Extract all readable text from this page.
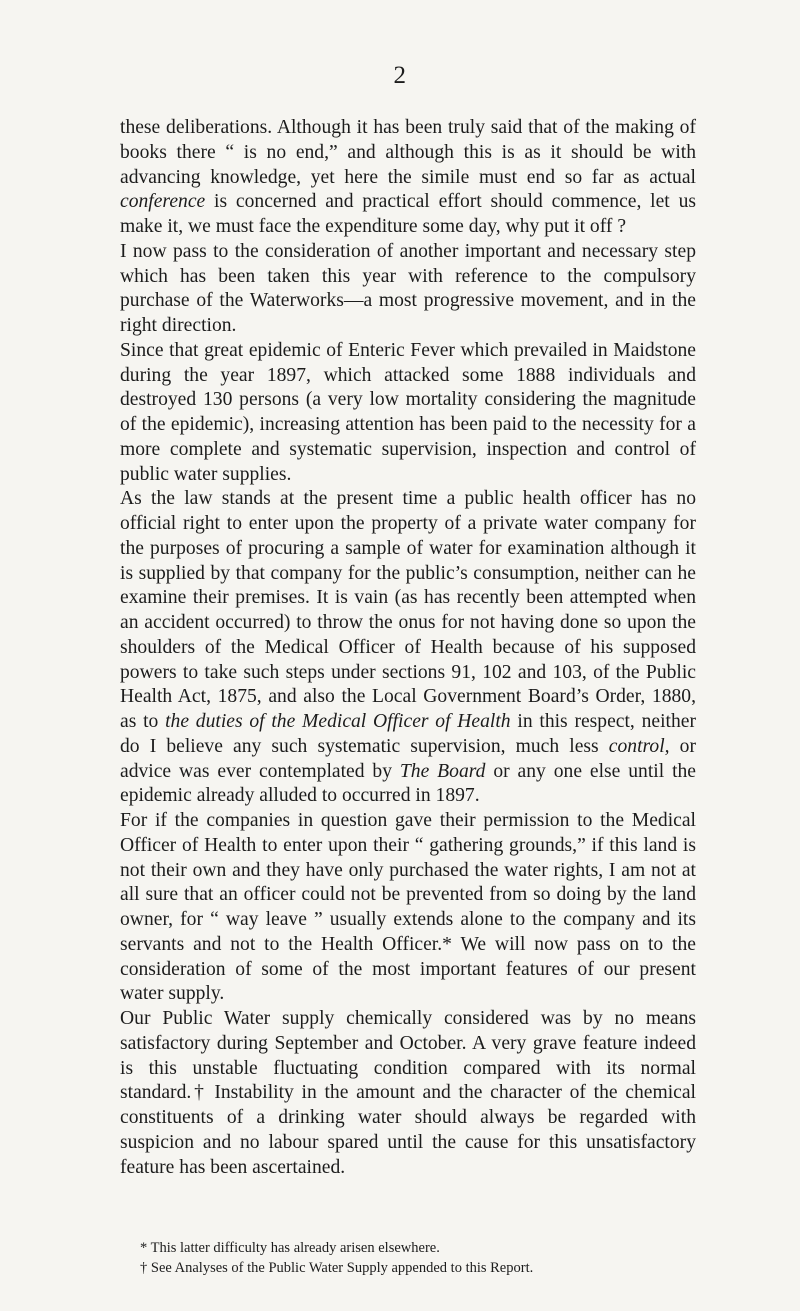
2

these deliberations. Although it has been truly said that of the making of books there “ is no end,” and although this is as it should be with advancing knowledge, yet here the simile must end so far as actual conference is concerned and practical effort should commence, let us make it, we must face the expenditure some day, why put it off ?

I now pass to the consideration of another important and necessary step which has been taken this year with reference to the compulsory purchase of the Waterworks—a most progressive movement, and in the right direction.

Since that great epidemic of Enteric Fever which prevailed in Maidstone during the year 1897, which attacked some 1888 individuals and destroyed 130 persons (a very low mortality considering the magnitude of the epidemic), increasing attention has been paid to the necessity for a more complete and systematic supervision, inspection and control of public water supplies.

As the law stands at the present time a public health officer has no official right to enter upon the property of a private water company for the purposes of procuring a sample of water for examination although it is supplied by that company for the public’s consumption, neither can he examine their premises. It is vain (as has recently been attempted when an accident occurred) to throw the onus for not having done so upon the shoulders of the Medical Officer of Health because of his supposed powers to take such steps under sections 91, 102 and 103, of the Public Health Act, 1875, and also the Local Government Board’s Order, 1880, as to the duties of the Medical Officer of Health in this respect, neither do I believe any such systematic supervision, much less control, or advice was ever contemplated by The Board or any one else until the epidemic already alluded to occurred in 1897.

For if the companies in question gave their permission to the Medical Officer of Health to enter upon their “ gathering grounds,” if this land is not their own and they have only purchased the water rights, I am not at all sure that an officer could not be prevented from so doing by the land owner, for “ way leave ” usually extends alone to the company and its servants and not to the Health Officer.* We will now pass on to the consideration of some of the most important features of our present water supply.

Our Public Water supply chemically considered was by no means satisfactory during September and October. A very grave feature indeed is this unstable fluctuating condition compared with its normal standard.† Instability in the amount and the character of the chemical constituents of a drinking water should always be regarded with suspicion and no labour spared until the cause for this unsatisfactory feature has been ascertained.

* This latter difficulty has already arisen elsewhere.

† See Analyses of the Public Water Supply appended to this Report.
